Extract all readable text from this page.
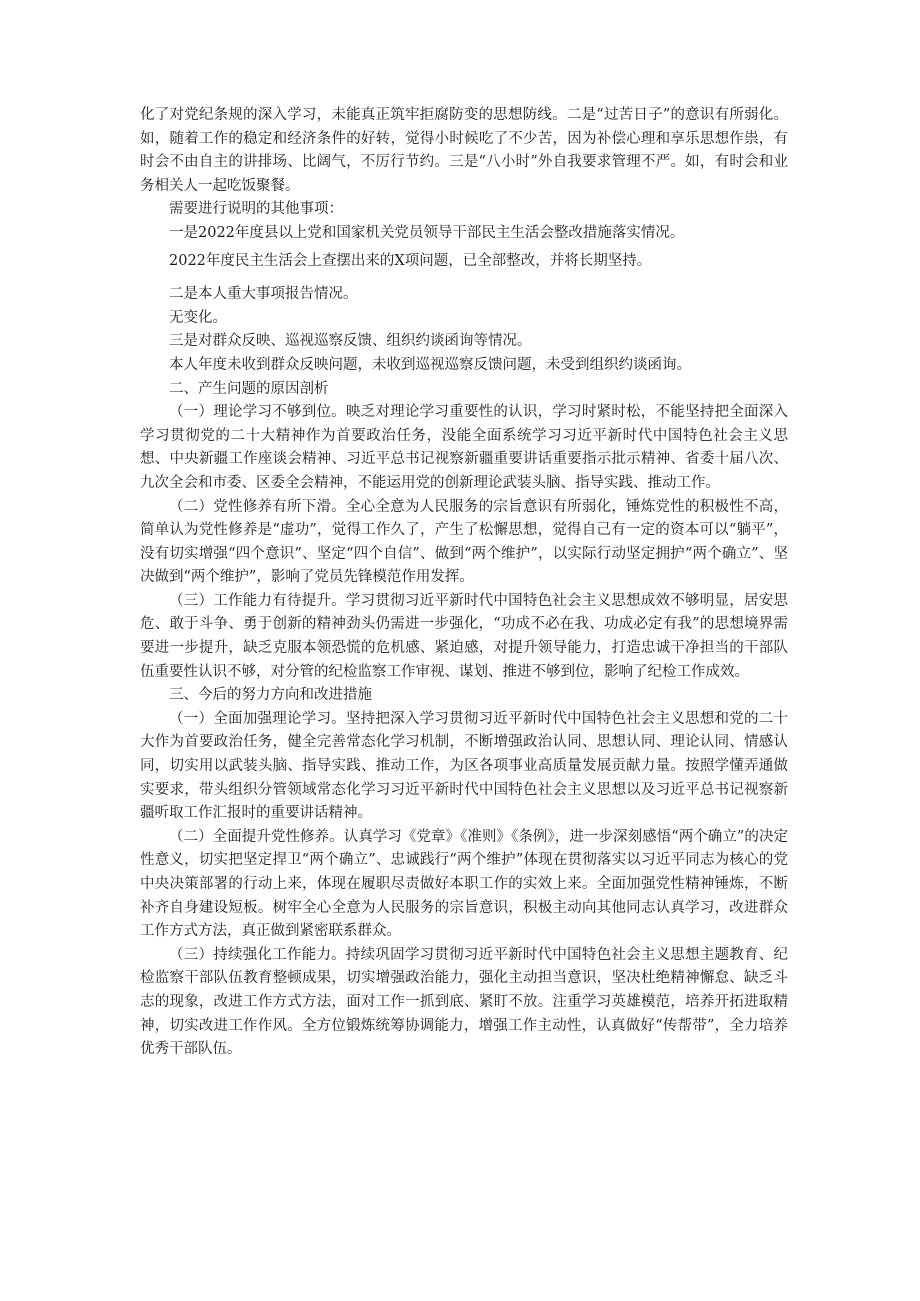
化了对党纪条规的深入学习，未能真正筑牢拒腐防变的思想防线。二是“过苦日子”的意识有所弱化。如，随着工作的稳定和经济条件的好转，觉得小时候吃了不少苦，因为补偿心理和享乐思想作祟，有时会不由自主的讲排场、比阔气，不厉行节约。三是“八小时”外自我要求管理不严。如，有时会和业务相关人一起吃饭聚餐。

需要进行说明的其他事项：

一是2022年度县以上党和国家机关党员领导干部民主生活会整改措施落实情况。

2022年度民主生活会上查摆出来的X项问题，已全部整改，并将长期坚持。

二是本人重大事项报告情况。

无变化。

三是对群众反映、巡视巡察反馈、组织约谈函询等情况。

本人年度未收到群众反映问题，未收到巡视巡察反馈问题，未受到组织约谈函询。

二、产生问题的原因剖析

（一）理论学习不够到位。映乏对理论学习重要性的认识，学习时紧时松，不能坚持把全面深入学习贯彻党的二十大精神作为首要政治任务，没能全面系统学习习近平新时代中国特色社会主义思想、中央新疆工作座谈会精神、习近平总书记视察新疆重要讲话重要指示批示精神、省委十届八次、九次全会和市委、区委全会精神，不能运用党的创新理论武装头脑、指导实践、推动工作。

（二）党性修养有所下滑。全心全意为人民服务的宗旨意识有所弱化，锤炼党性的积极性不高，简单认为党性修养是“虚功”，觉得工作久了，产生了松懈思想，觉得自己有一定的资本可以“躺平”，没有切实增强“四个意识”、坚定“四个自信”、做到“两个维护”，以实际行动坚定拥护“两个确立”、坚决做到“两个维护”，影响了党员先锋模范作用发挥。

（三）工作能力有待提升。学习贯彻习近平新时代中国特色社会主义思想成效不够明显，居安思危、敢于斗争、勇于创新的精神劲头仍需进一步强化，“功成不必在我、功成必定有我”的思想境界需要进一步提升，缺乏克服本领恐慌的危机感、紧迫感，对提升领导能力，打造忠诚干净担当的干部队伍重要性认识不够，对分管的纪检监察工作审视、谋划、推进不够到位，影响了纪检工作成效。

三、今后的努力方向和改进措施

（一）全面加强理论学习。坚持把深入学习贯彻习近平新时代中国特色社会主义思想和党的二十大作为首要政治任务，健全完善常态化学习机制，不断增强政治认同、思想认同、理论认同、情感认同，切实用以武装头脑、指导实践、推动工作，为区各项事业高质量发展贡献力量。按照学懂弄通做实要求，带头组织分管领域常态化学习习近平新时代中国特色社会主义思想以及习近平总书记视察新疆听取工作汇报时的重要讲话精神。

（二）全面提升党性修养。认真学习《党章》《准则》《条例》，进一步深刻感悟“两个确立”的决定性意义，切实把坚定捍卫“两个确立”、忠诚践行“两个维护”体现在贯彻落实以习近平同志为核心的党中央决策部署的行动上来，体现在履职尽责做好本职工作的实效上来。全面加强党性精神锤炼，不断补齐自身建设短板。树牢全心全意为人民服务的宗旨意识，积极主动向其他同志认真学习，改进群众工作方式方法，真正做到紧密联系群众。

（三）持续强化工作能力。持续巩固学习贯彻习近平新时代中国特色社会主义思想主题教育、纪检监察干部队伍教育整顿成果，切实增强政治能力，强化主动担当意识，坚决杜绝精神懈怠、缺乏斗志的现象，改进工作方式方法，面对工作一抓到底、紧盯不放。注重学习英雄模范，培养开拓进取精神，切实改进工作作风。全方位锻炼统筹协调能力，增强工作主动性，认真做好“传帮带”，全力培养优秀干部队伍。
